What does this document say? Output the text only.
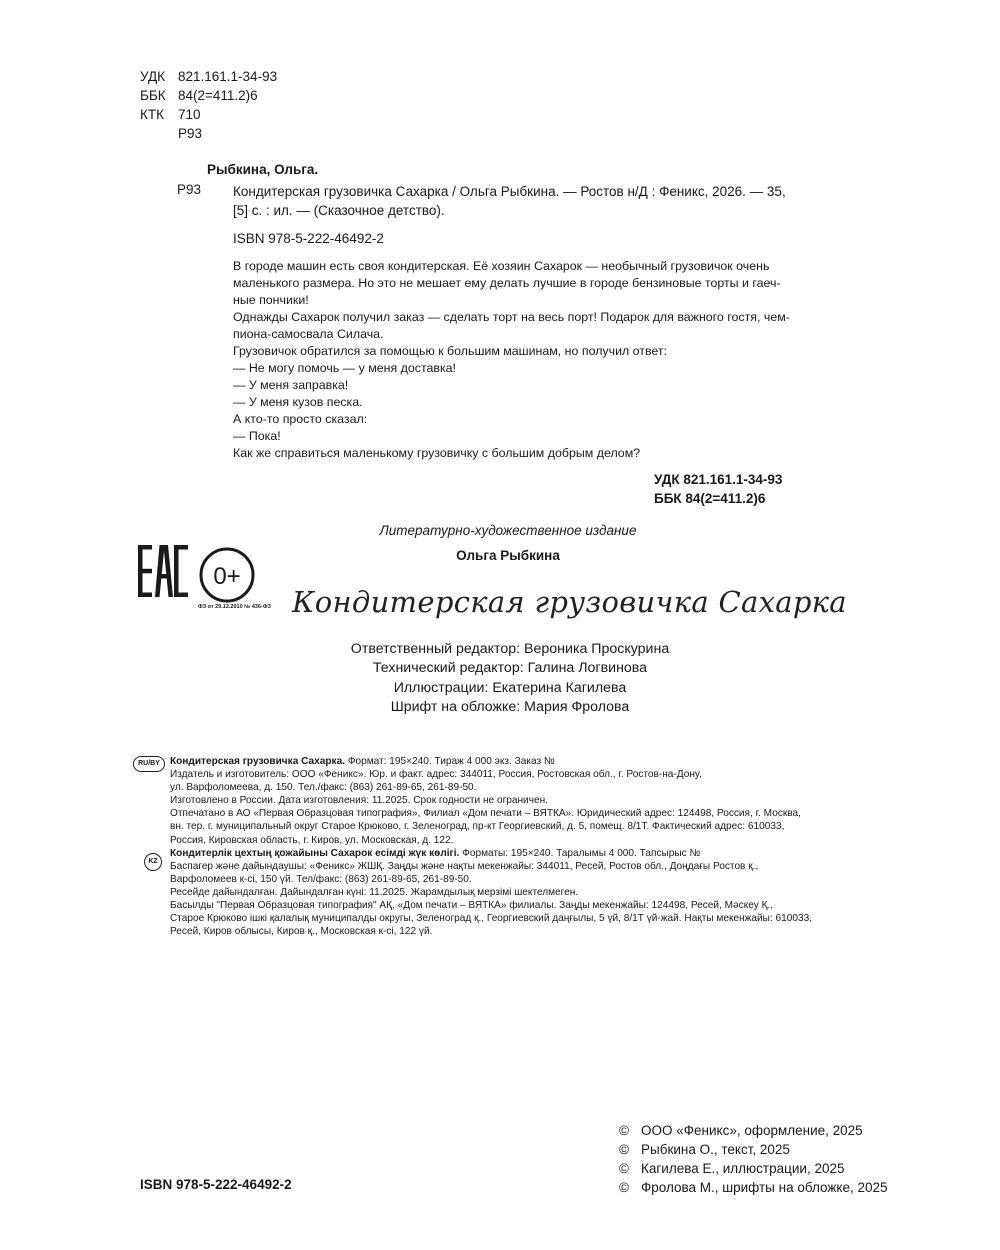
УДК 821.161.1-34-93
ББК 84(2=411.2)6
КТК	710
Р93
Рыбкина, Ольга.
Р93 Кондитерская грузовичка Сахарка / Ольга Рыбкина. — Ростов н/Д : Феникс, 2026. — 35, [5] с. : ил. — (Сказочное детство).
ISBN 978-5-222-46492-2
В городе машин есть своя кондитерская. Её хозяин Сахарок — необычный грузовичок очень маленького размера. Но это не мешает ему делать лучшие в городе бензиновые торты и гаеч-ные пончики!
Однажды Сахарок получил заказ — сделать торт на весь порт! Подарок для важного гостя, чем-пиона-самосвала Силача.
Грузовичок обратился за помощью к большим машинам, но получил ответ:
— Не могу помочь — у меня доставка!
— У меня заправка!
— У меня кузов песка.
А кто-то просто сказал:
— Пока!
Как же справиться маленькому грузовичку с большим добрым делом?
УДК 821.161.1-34-93
ББК 84(2=411.2)6
Литературно-художественное издание
Ольга Рыбкина
0+
ФЗ от 29.12.2010 № 436-ФЗ Кондитерская грузовичка Сахарка
Ответственный редактор: Вероника Проскурина
Технический редактор: Галина Логвинова
Иллюстрации: Екатерина Кагилева
Шрифт на обложке: Мария Фролова
RU/BY
KZ
Кондитерская грузовичка Сахарка. Формат: 195×240. Тираж 4 000 экз. Заказ №
Издатель и изготовитель: ООО «Феникс». Юр. и факт. адрес: 344011, Россия, Ростовская обл., г. Ростов-на-Дону,
ул. Варфоломеева, д. 150. Тел./факс: (863) 261-89-65, 261-89-50.
Изготовлено в России. Дата изготовления: 11.2025. Срок годности не ограничен.
Отпечатано в АО «Первая Образцовая типография», Филиал «Дом печати – ВЯТКА». Юридический адрес: 124498, Россия, г. Москва,
вн. тер. г. муниципальный округ Старое Крюково, г. Зеленоград, пр-кт Георгиевский, д. 5, помещ. 8/1Т. Фактический адрес: 610033,
Россия, Кировская область, г. Киров, ул. Московская, д. 122.
Кондитерлік цехтың қожайыны Сахарок есімді жүк көлігі. Форматы: 195×240. Таралымы 4 000. Тапсырыс №
Баспагер және дайындаушы: «Феникс» ЖШҚ. Заңды және нақты мекенжайы: 344011, Ресей, Ростов обл., Доңдағы Ростов қ.,
Варфоломеев к-сі, 150 үй. Тел/факс: (863) 261-89-65, 261-89-50.
Ресейде дайындалған. Дайындалған күні: 11.2025. Жарамдылық мерзімі шектелмеген.
Басылды "Первая Образцовая типография" АҚ, «Дом печати – ВЯТКА» филиалы. Заңды мекенжайы: 124498, Ресей, Мәскеу Қ.,
Старое Крюково ішкі қалалық муниципалды округы, Зеленоград қ., Георгиевский даңғылы, 5 үй, 8/1Т үй-жай. Нақты мекенжайы: 610033,
Ресей, Киров облысы, Киров қ., Московская к-сі, 122 үй.
© ООО «Феникс», оформление, 2025
© Рыбкина О., текст, 2025
© Кагилева Е., иллюстрации, 2025
© Фролова М., шрифты на обложке, 2025
ISBN 978-5-222-46492-2
